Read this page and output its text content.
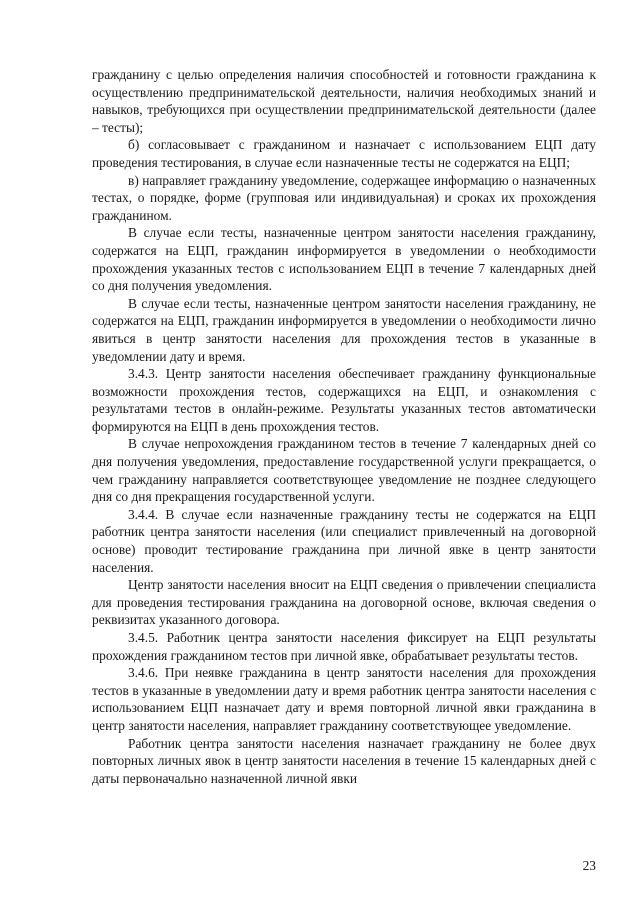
гражданину с целью определения наличия способностей и готовности гражданина к осуществлению предпринимательской деятельности, наличия необходимых знаний и навыков, требующихся при осуществлении предпринимательской деятельности (далее – тесты);

б) согласовывает с гражданином и назначает с использованием ЕЦП дату проведения тестирования, в случае если назначенные тесты не содержатся на ЕЦП;

в) направляет гражданину уведомление, содержащее информацию о назначенных тестах, о порядке, форме (групповая или индивидуальная) и сроках их прохождения гражданином.

В случае если тесты, назначенные центром занятости населения гражданину, содержатся на ЕЦП, гражданин информируется в уведомлении о необходимости прохождения указанных тестов с использованием ЕЦП в течение 7 календарных дней со дня получения уведомления.

В случае если тесты, назначенные центром занятости населения гражданину, не содержатся на ЕЦП, гражданин информируется в уведомлении о необходимости лично явиться в центр занятости населения для прохождения тестов в указанные в уведомлении дату и время.

3.4.3. Центр занятости населения обеспечивает гражданину функциональные возможности прохождения тестов, содержащихся на ЕЦП, и ознакомления с результатами тестов в онлайн-режиме. Результаты указанных тестов автоматически формируются на ЕЦП в день прохождения тестов.

В случае непрохождения гражданином тестов в течение 7 календарных дней со дня получения уведомления, предоставление государственной услуги прекращается, о чем гражданину направляется соответствующее уведомление не позднее следующего дня со дня прекращения государственной услуги.

3.4.4. В случае если назначенные гражданину тесты не содержатся на ЕЦП работник центра занятости населения (или специалист привлеченный на договорной основе) проводит тестирование гражданина при личной явке в центр занятости населения.

Центр занятости населения вносит на ЕЦП сведения о привлечении специалиста для проведения тестирования гражданина на договорной основе, включая сведения о реквизитах указанного договора.

3.4.5. Работник центра занятости населения фиксирует на ЕЦП результаты прохождения гражданином тестов при личной явке, обрабатывает результаты тестов.

3.4.6. При неявке гражданина в центр занятости населения для прохождения тестов в указанные в уведомлении дату и время работник центра занятости населения с использованием ЕЦП назначает дату и время повторной личной явки гражданина в центр занятости населения, направляет гражданину соответствующее уведомление.

Работник центра занятости населения назначает гражданину не более двух повторных личных явок в центр занятости населения в течение 15 календарных дней с даты первоначально назначенной личной явки

23
